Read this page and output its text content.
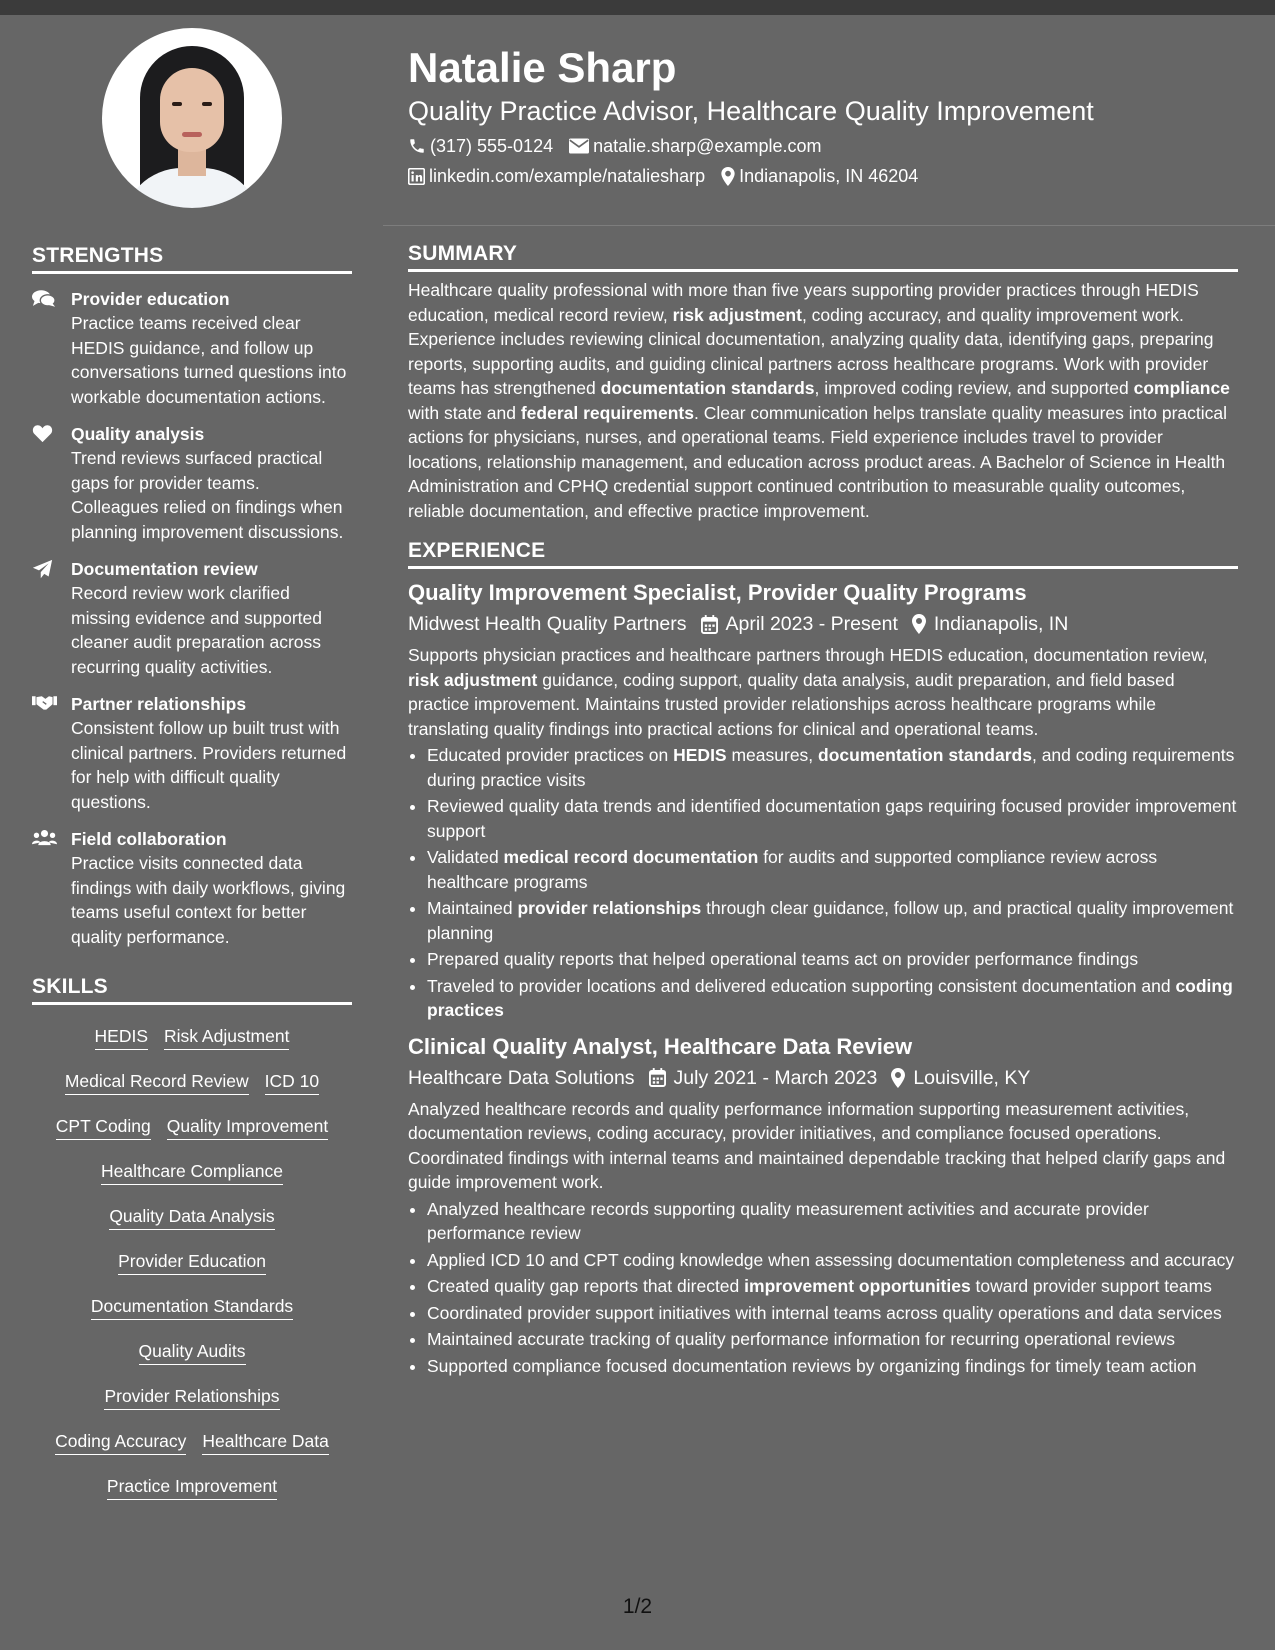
STRENGTHS
Provider education
Practice teams received clear HEDIS guidance, and follow up conversations turned questions into workable documentation actions.
Quality analysis
Trend reviews surfaced practical gaps for provider teams. Colleagues relied on findings when planning improvement discussions.
Documentation review
Record review work clarified missing evidence and supported cleaner audit preparation across recurring quality activities.
Partner relationships
Consistent follow up built trust with clinical partners. Providers returned for help with difficult quality questions.
Field collaboration
Practice visits connected data findings with daily workflows, giving teams useful context for better quality performance.
SKILLS
HEDIS Risk Adjustment
Medical Record Review ICD 10
CPT Coding Quality Improvement
Healthcare Compliance
Quality Data Analysis
Provider Education
Documentation Standards
Quality Audits
Provider Relationships
Coding Accuracy Healthcare Data
Practice Improvement
Natalie Sharp
Quality Practice Advisor, Healthcare Quality Improvement
(317) 555-0124 natalie.sharp@example.com
linkedin.com/example/nataliesharp Indianapolis, IN 46204
SUMMARY

Healthcare quality professional with more than five years supporting provider practices through HEDIS education, medical record review, risk adjustment, coding accuracy, and quality improvement work. Experience includes reviewing clinical documentation, analyzing quality data, identifying gaps, preparing reports, supporting audits, and guiding clinical partners across healthcare programs. Work with provider teams has strengthened documentation standards, improved coding review, and supported compliance with state and federal requirements. Clear communication helps translate quality measures into practical actions for physicians, nurses, and operational teams. Field experience includes travel to provider locations, relationship management, and education across product areas. A Bachelor of Science in Health Administration and CPHQ credential support continued contribution to measurable quality outcomes, reliable documentation, and effective practice improvement.

EXPERIENCE
Quality Improvement Specialist, Provider Quality Programs
Midwest Health Quality Partners April 2023 - Present Indianapolis, IN

Supports physician practices and healthcare partners through HEDIS education, documentation review, risk adjustment guidance, coding support, quality data analysis, audit preparation, and field based practice improvement. Maintains trusted provider relationships across healthcare programs while translating quality findings into practical actions for clinical and operational teams.

• Educated provider practices on HEDIS measures, documentation standards, and coding requirements during practice visits
• Reviewed quality data trends and identified documentation gaps requiring focused provider improvement support
• Validated medical record documentation for audits and supported compliance review across healthcare programs
• Maintained provider relationships through clear guidance, follow up, and practical quality improvement planning
• Prepared quality reports that helped operational teams act on provider performance findings
• Traveled to provider locations and delivered education supporting consistent documentation and coding practices
Clinical Quality Analyst, Healthcare Data Review
Healthcare Data Solutions July 2021 - March 2023 Louisville, KY

Analyzed healthcare records and quality performance information supporting measurement activities, documentation reviews, coding accuracy, provider initiatives, and compliance focused operations. Coordinated findings with internal teams and maintained dependable tracking that helped clarify gaps and guide improvement work.

• Analyzed healthcare records supporting quality measurement activities and accurate provider performance review
• Applied ICD 10 and CPT coding knowledge when assessing documentation completeness and accuracy
• Created quality gap reports that directed improvement opportunities toward provider support teams
• Coordinated provider support initiatives with internal teams across quality operations and data services
• Maintained accurate tracking of quality performance information for recurring operational reviews
• Supported compliance focused documentation reviews by organizing findings for timely team action
1/2
